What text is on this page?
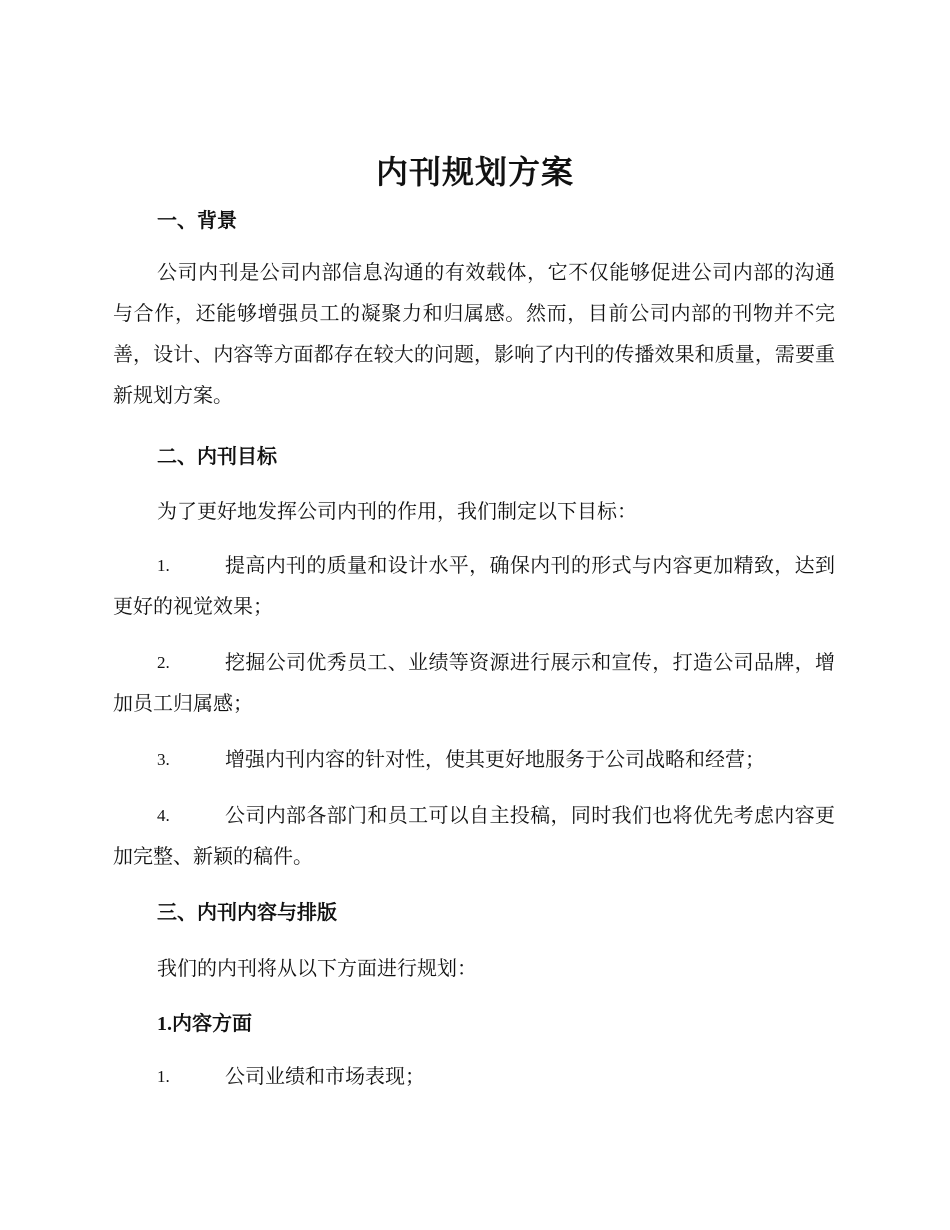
内刊规划方案
一、背景
公司内刊是公司内部信息沟通的有效载体，它不仅能够促进公司内部的沟通与合作，还能够增强员工的凝聚力和归属感。然而，目前公司内部的刊物并不完善，设计、内容等方面都存在较大的问题，影响了内刊的传播效果和质量，需要重新规划方案。
二、内刊目标
为了更好地发挥公司内刊的作用，我们制定以下目标：
1.	提高内刊的质量和设计水平，确保内刊的形式与内容更加精致，达到更好的视觉效果；
2.	挖掘公司优秀员工、业绩等资源进行展示和宣传，打造公司品牌，增加员工归属感；
3.	增强内刊内容的针对性，使其更好地服务于公司战略和经营；
4.	公司内部各部门和员工可以自主投稿，同时我们也将优先考虑内容更加完整、新颖的稿件。
三、内刊内容与排版
我们的内刊将从以下方面进行规划：
1.内容方面
1.	公司业绩和市场表现；
